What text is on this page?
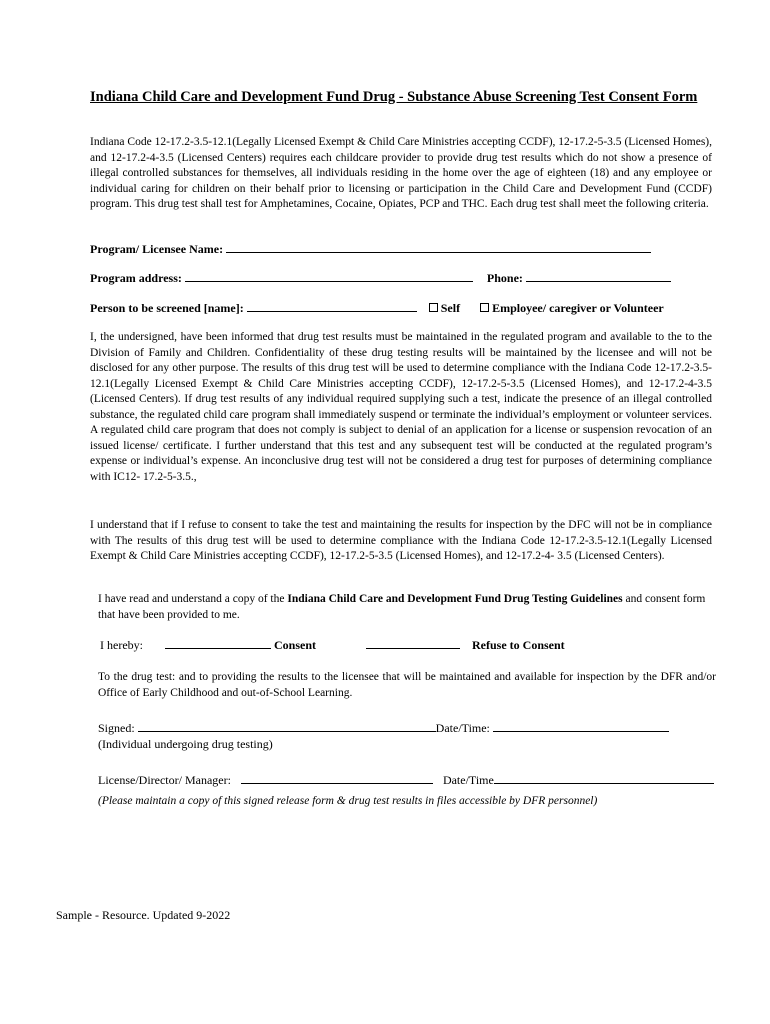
Indiana Child Care and Development Fund Drug - Substance Abuse Screening Test Consent Form
Indiana Code 12-17.2-3.5-12.1(Legally Licensed Exempt & Child Care Ministries accepting CCDF), 12-17.2-5-3.5 (Licensed Homes), and 12-17.2-4-3.5 (Licensed Centers) requires each childcare provider to provide drug test results which do not show a presence of illegal controlled substances for themselves, all individuals residing in the home over the age of eighteen (18) and any employee or individual caring for children on their behalf prior to licensing or participation in the Child Care and Development Fund (CCDF) program. This drug test shall test for Amphetamines, Cocaine, Opiates, PCP and THC. Each drug test shall meet the following criteria.
Program/ Licensee Name:
Program address:	Phone:
Person to be screened [name]:	Self	Employee/ caregiver or Volunteer
I, the undersigned, have been informed that drug test results must be maintained in the regulated program and available to the to the Division of Family and Children. Confidentiality of these drug testing results will be maintained by the licensee and will not be disclosed for any other purpose. The results of this drug test will be used to determine compliance with the Indiana Code 12-17.2-3.5-12.1(Legally Licensed Exempt & Child Care Ministries accepting CCDF), 12-17.2-5-3.5 (Licensed Homes), and 12-17.2-4-3.5 (Licensed Centers). If drug test results of any individual required supplying such a test, indicate the presence of an illegal controlled substance, the regulated child care program shall immediately suspend or terminate the individual’s employment or volunteer services. A regulated child care program that does not comply is subject to denial of an application for a license or suspension revocation of an issued license/ certificate. I further understand that this test and any subsequent test will be conducted at the regulated program’s expense or individual’s expense. An inconclusive drug test will not be considered a drug test for purposes of determining compliance with IC12- 17.2-5-3.5.,
I understand that if I refuse to consent to take the test and maintaining the results for inspection by the DFC will not be in compliance with The results of this drug test will be used to determine compliance with the Indiana Code 12-17.2-3.5-12.1(Legally Licensed Exempt & Child Care Ministries accepting CCDF), 12-17.2-5-3.5 (Licensed Homes), and 12-17.2-4- 3.5 (Licensed Centers).
I have read and understand a copy of the Indiana Child Care and Development Fund Drug Testing Guidelines and consent form that have been provided to me.
I hereby:	Consent	Refuse to Consent
To the drug test: and to providing the results to the licensee that will be maintained and available for inspection by the DFR and/or Office of Early Childhood and out-of-School Learning.
Signed:	Date/Time:
(Individual undergoing drug testing)
License/Director/ Manager:	Date/Time
(Please maintain a copy of this signed release form & drug test results in files accessible by DFR personnel)
Sample - Resource. Updated 9-2022
